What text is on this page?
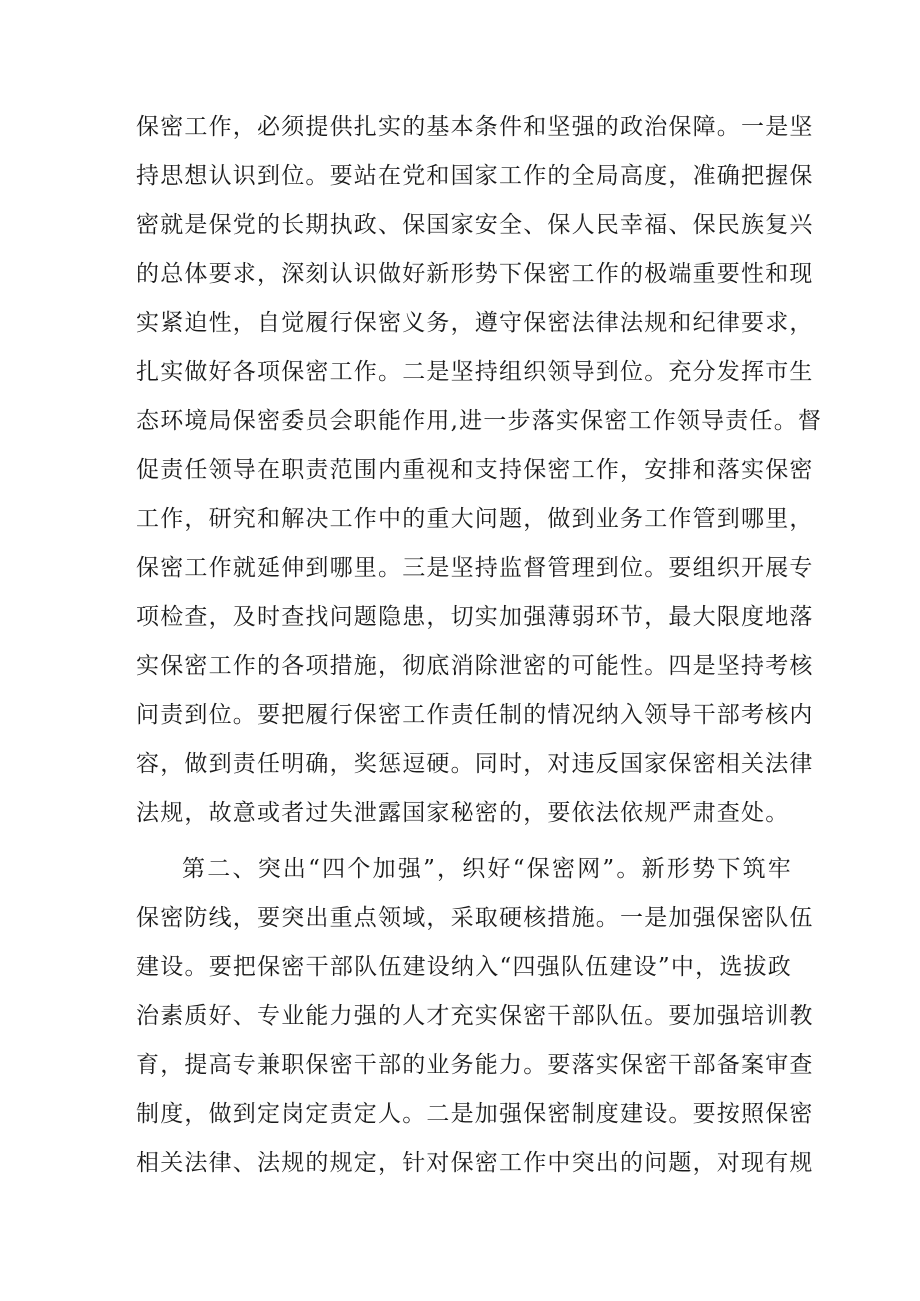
保密工作，必须提供扎实的基本条件和坚强的政治保障。一是坚
持思想认识到位。要站在党和国家工作的全局高度，准确把握保
密就是保党的长期执政、保国家安全、保人民幸福、保民族复兴
的总体要求，深刻认识做好新形势下保密工作的极端重要性和现
实紧迫性，自觉履行保密义务，遵守保密法律法规和纪律要求，
扎实做好各项保密工作。二是坚持组织领导到位。充分发挥市生
态环境局保密委员会职能作用,进一步落实保密工作领导责任。督
促责任领导在职责范围内重视和支持保密工作，安排和落实保密
工作，研究和解决工作中的重大问题，做到业务工作管到哪里，
保密工作就延伸到哪里。三是坚持监督管理到位。要组织开展专
项检查，及时查找问题隐患，切实加强薄弱环节，最大限度地落
实保密工作的各项措施，彻底消除泄密的可能性。四是坚持考核
问责到位。要把履行保密工作责任制的情况纳入领导干部考核内
容，做到责任明确，奖惩逗硬。同时，对违反国家保密相关法律
法规，故意或者过失泄露国家秘密的，要依法依规严肃查处。
第二、突出“四个加强”，织好“保密网”。新形势下筑牢
保密防线，要突出重点领域，采取硬核措施。一是加强保密队伍
建设。要把保密干部队伍建设纳入“四强队伍建设”中，选拔政
治素质好、专业能力强的人才充实保密干部队伍。要加强培训教
育，提高专兼职保密干部的业务能力。要落实保密干部备案审查
制度，做到定岗定责定人。二是加强保密制度建设。要按照保密
相关法律、法规的规定，针对保密工作中突出的问题，对现有规
